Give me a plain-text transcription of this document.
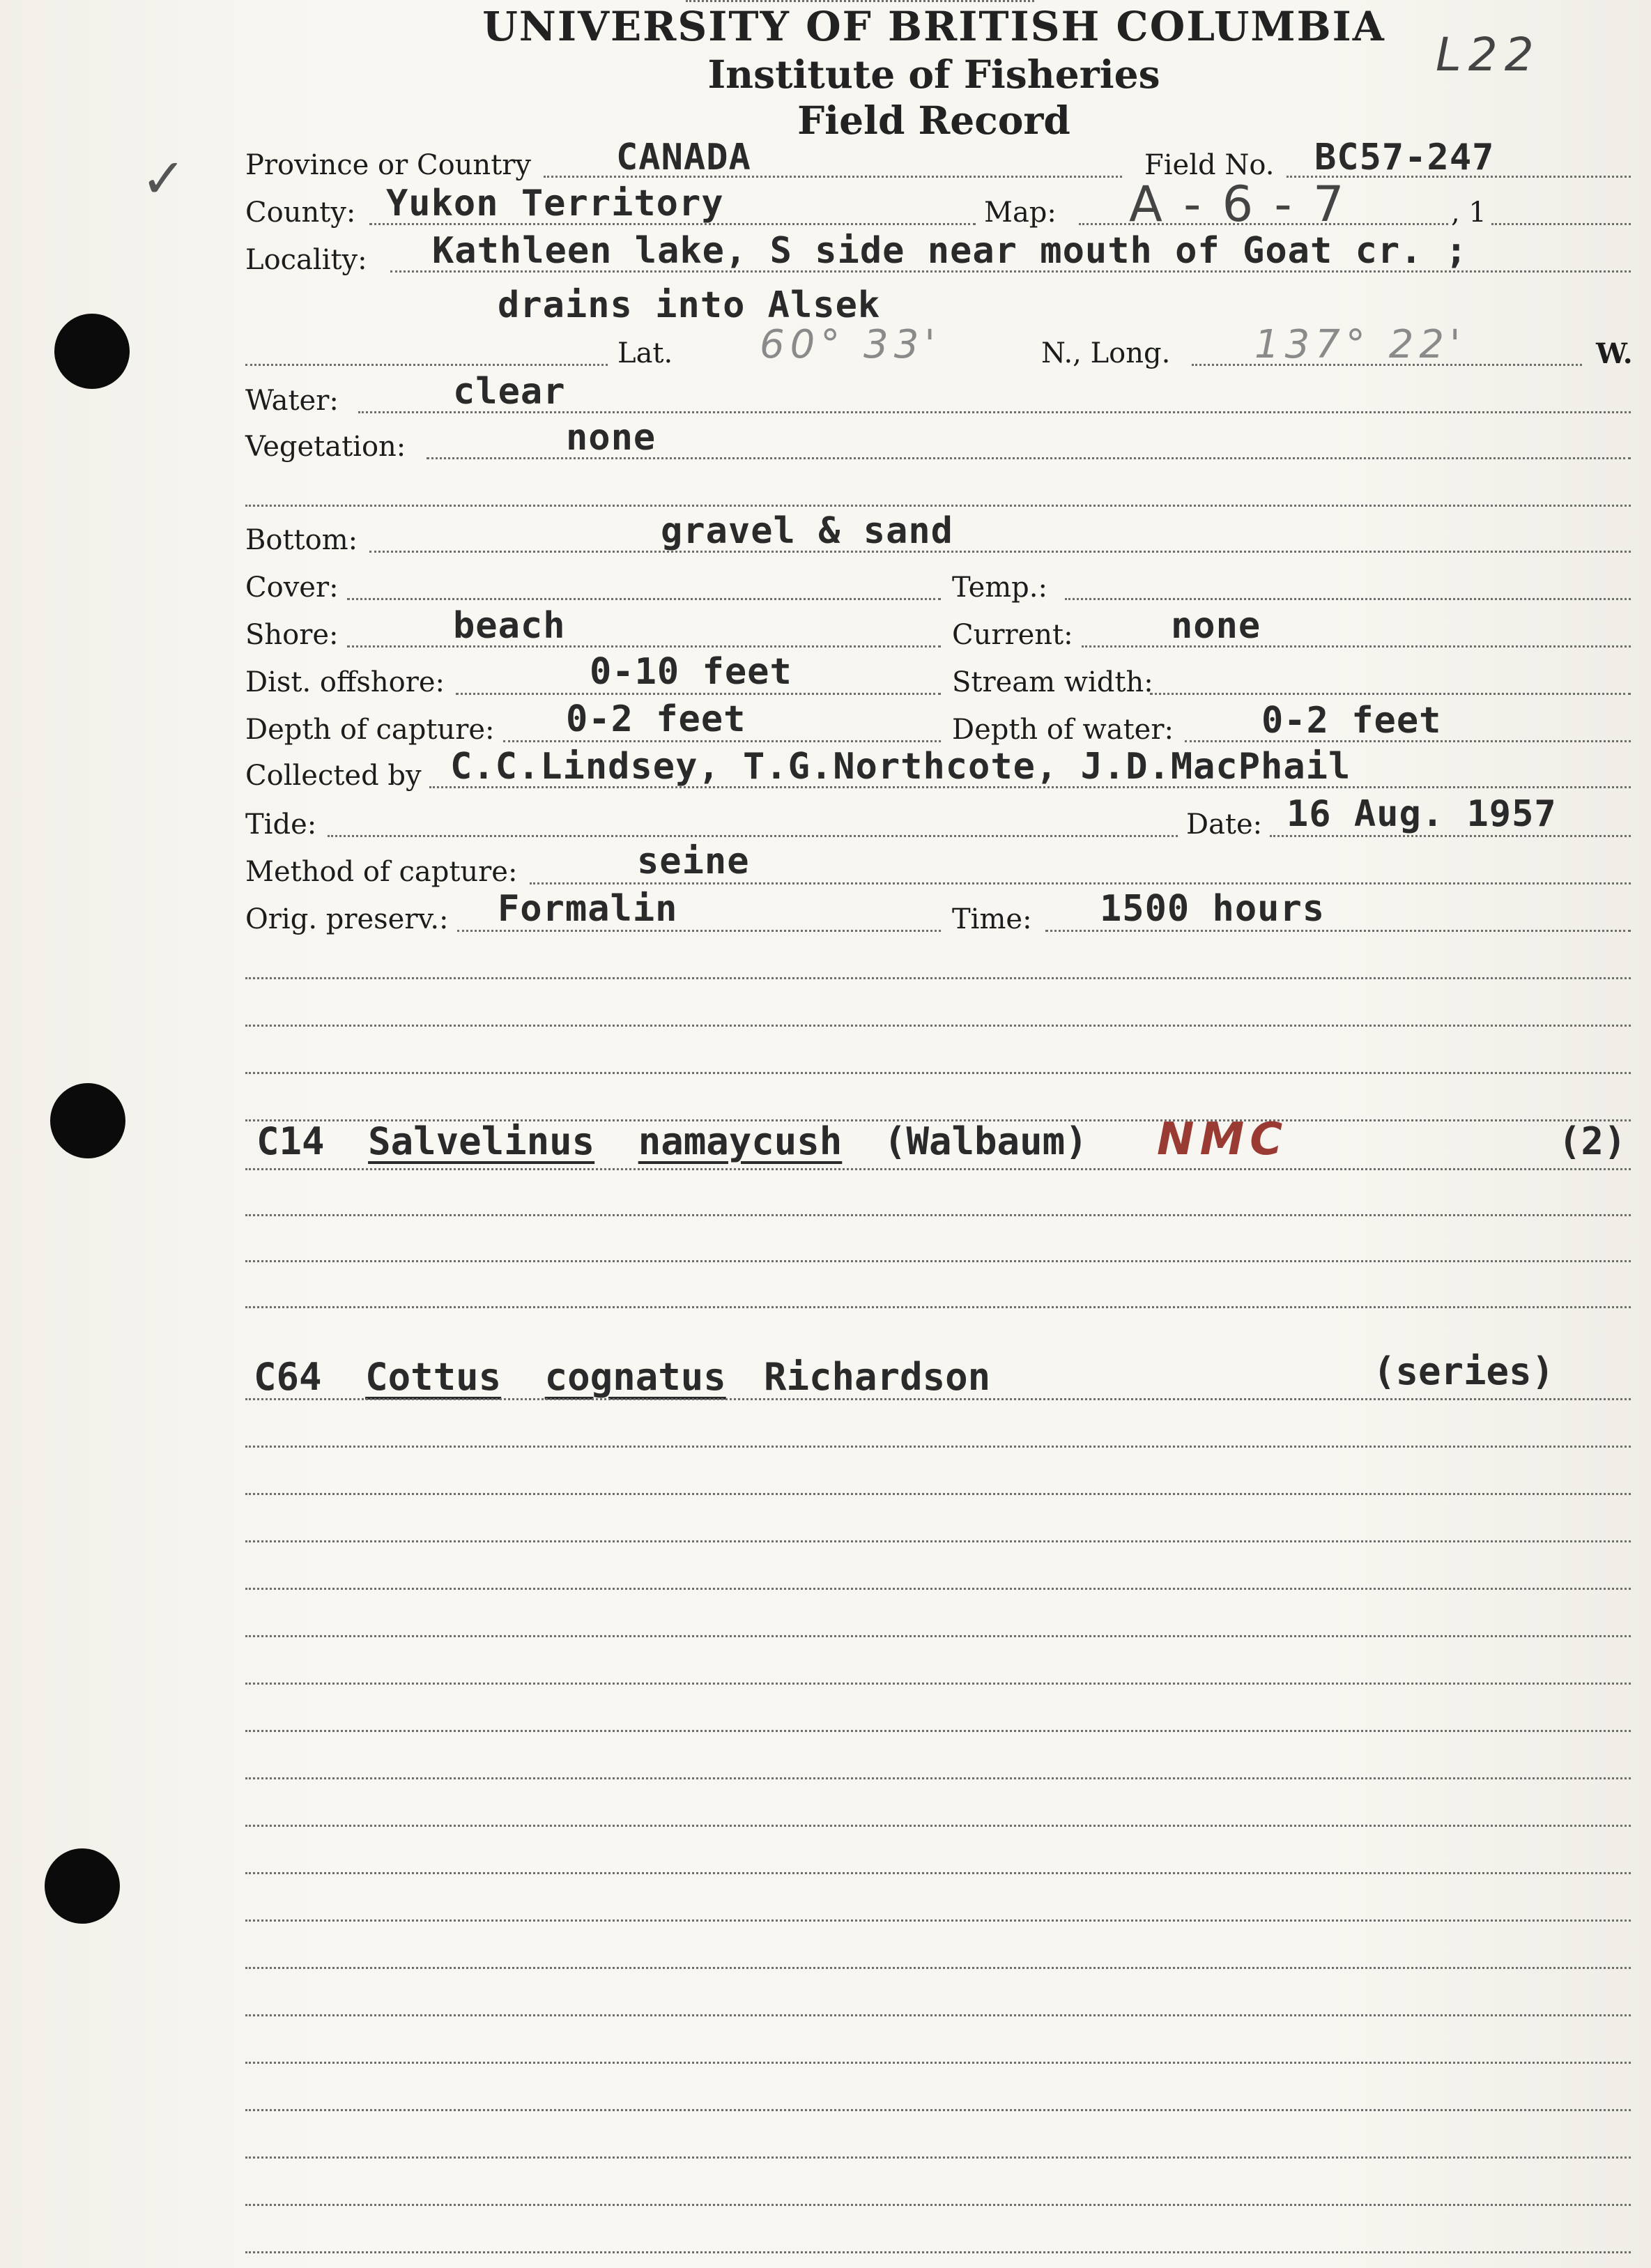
UNIVERSITY OF BRITISH COLUMBIA
Institute of Fisheries
Field Record
L22
✓ Province or Country CANADA	Field No. BC57-247
County: Yukon Territory	Map: A - 6 - 7	, 1
Locality: Kathleen lake, S side near mouth of Goat cr. ;
drains into Alsek
Lat. 60° 33'	N., Long. 137° 22'	W.
Water:	clear
Vegetation:	none
Bottom:	gravel & sand
Cover:	Temp.:
Shore:	beach	Current:	none
Dist. offshore:	0-10 feet	Stream width:
Depth of capture: 0-2 feet	Depth of water: 0-2 feet
Collected by C.C.Lindsey, T.G.Northcote, J.D.MacPhail
Tide:	Date: 16 Aug. 1957
Method of capture:	seine
Orig. preserv.: Formalin	Time: 1500 hours
C14 Salvelinus namaycush (Walbaum) NMC	(2)
C64 Cottus cognatus Richardson	(series)
